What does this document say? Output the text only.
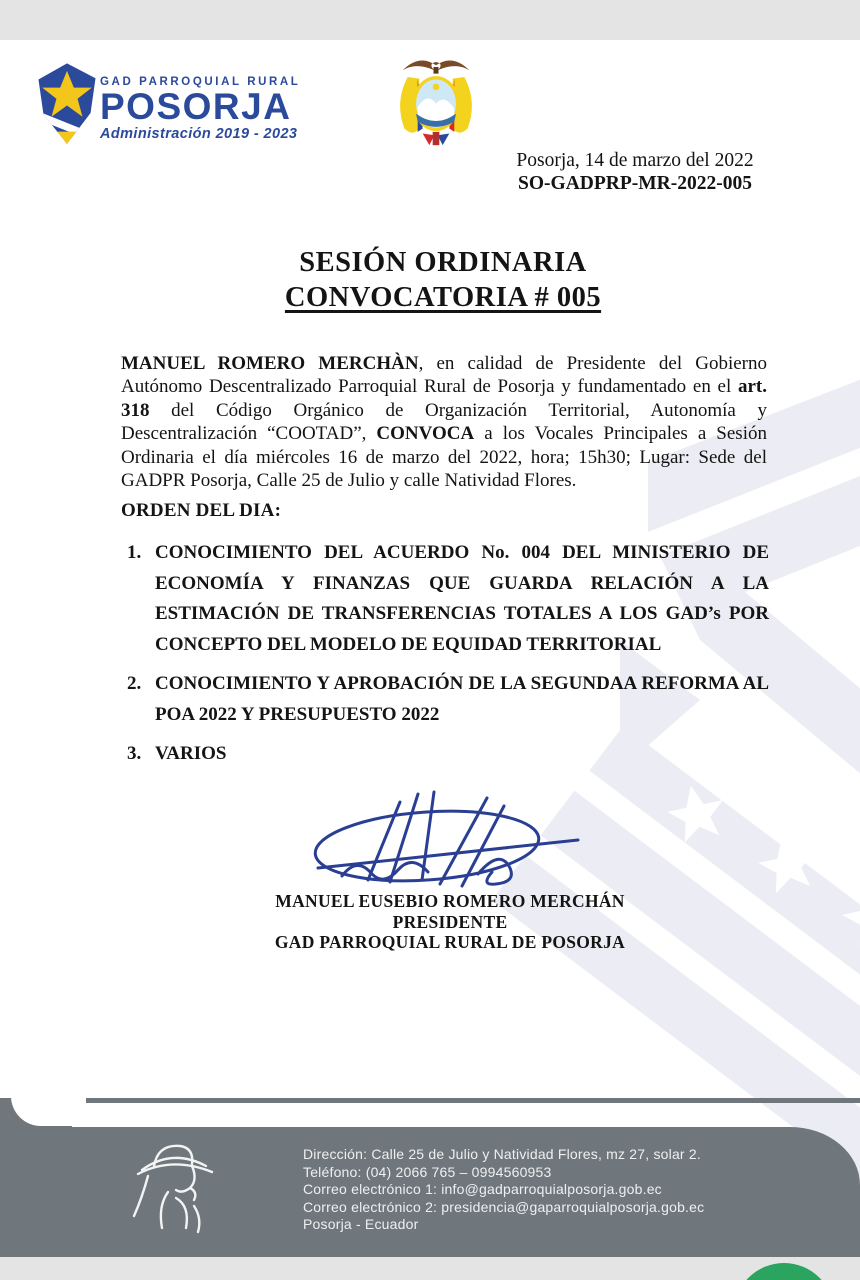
GAD PARROQUIAL RURAL
POSORJA
Administración 2019 - 2023
Posorja, 14 de marzo del 2022
SO-GADPRP-MR-2022-005
SESIÓN ORDINARIA
CONVOCATORIA # 005
MANUEL ROMERO MERCHÀN, en calidad de Presidente del Gobierno Autónomo Descentralizado Parroquial Rural de Posorja y fundamentado en el art. 318 del Código Orgánico de Organización Territorial, Autonomía y Descentralización “COOTAD”, CONVOCA a los Vocales Principales a Sesión Ordinaria el día miércoles 16 de marzo del 2022, hora; 15h30; Lugar: Sede del GADPR Posorja, Calle 25 de Julio y calle Natividad Flores.
ORDEN DEL DIA:
1. CONOCIMIENTO DEL ACUERDO No. 004 DEL MINISTERIO DE ECONOMÍA Y FINANZAS QUE GUARDA RELACIÓN A LA ESTIMACIÓN DE TRANSFERENCIAS TOTALES A LOS GAD’s POR CONCEPTO DEL MODELO DE EQUIDAD TERRITORIAL
2. CONOCIMIENTO Y APROBACIÓN DE LA SEGUNDAA REFORMA AL POA 2022 Y PRESUPUESTO 2022
3. VARIOS
MANUEL EUSEBIO ROMERO MERCHÁN
PRESIDENTE
GAD PARROQUIAL RURAL DE POSORJA
Dirección: Calle 25 de Julio y Natividad Flores, mz 27, solar 2.
Teléfono: (04) 2066 765 – 0994560953
Correo electrónico 1: info@gadparroquialposorja.gob.ec
Correo electrónico 2: presidencia@gaparroquialposorja.gob.ec
Posorja - Ecuador
